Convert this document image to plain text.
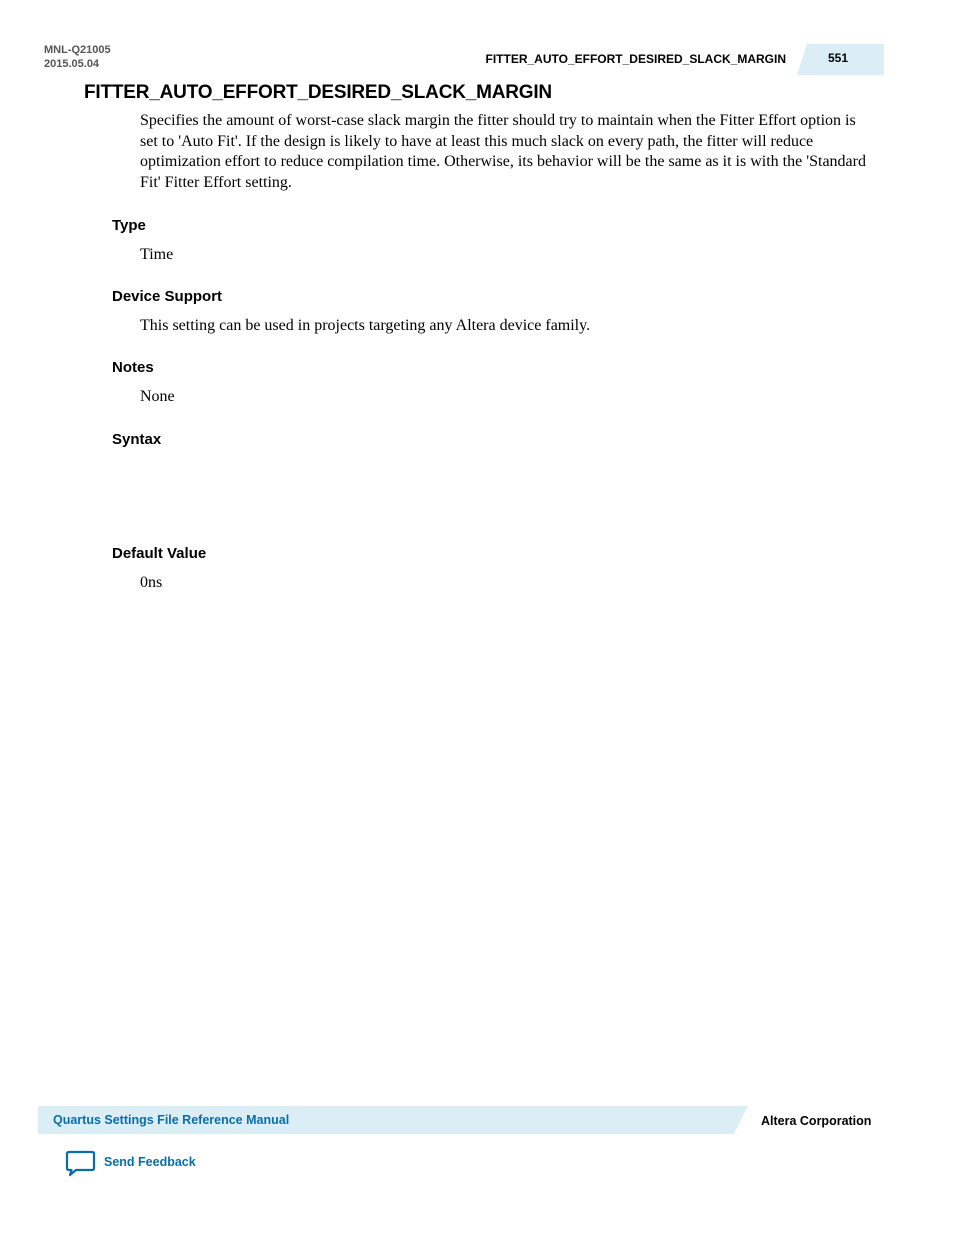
MNL-Q21005
2015.05.04	FITTER_AUTO_EFFORT_DESIRED_SLACK_MARGIN	551
FITTER_AUTO_EFFORT_DESIRED_SLACK_MARGIN

Specifies the amount of worst-case slack margin the fitter should try to maintain when the Fitter Effort option is set to 'Auto Fit'. If the design is likely to have at least this much slack on every path, the fitter will reduce optimization effort to reduce compilation time. Otherwise, its behavior will be the same as it is with the 'Standard Fit' Fitter Effort setting.

Type

Time

Device Support

This setting can be used in projects targeting any Altera device family.

Notes

None

Syntax

Default Value

0ns

Quartus Settings File Reference Manual	Altera Corporation
Send Feedback
